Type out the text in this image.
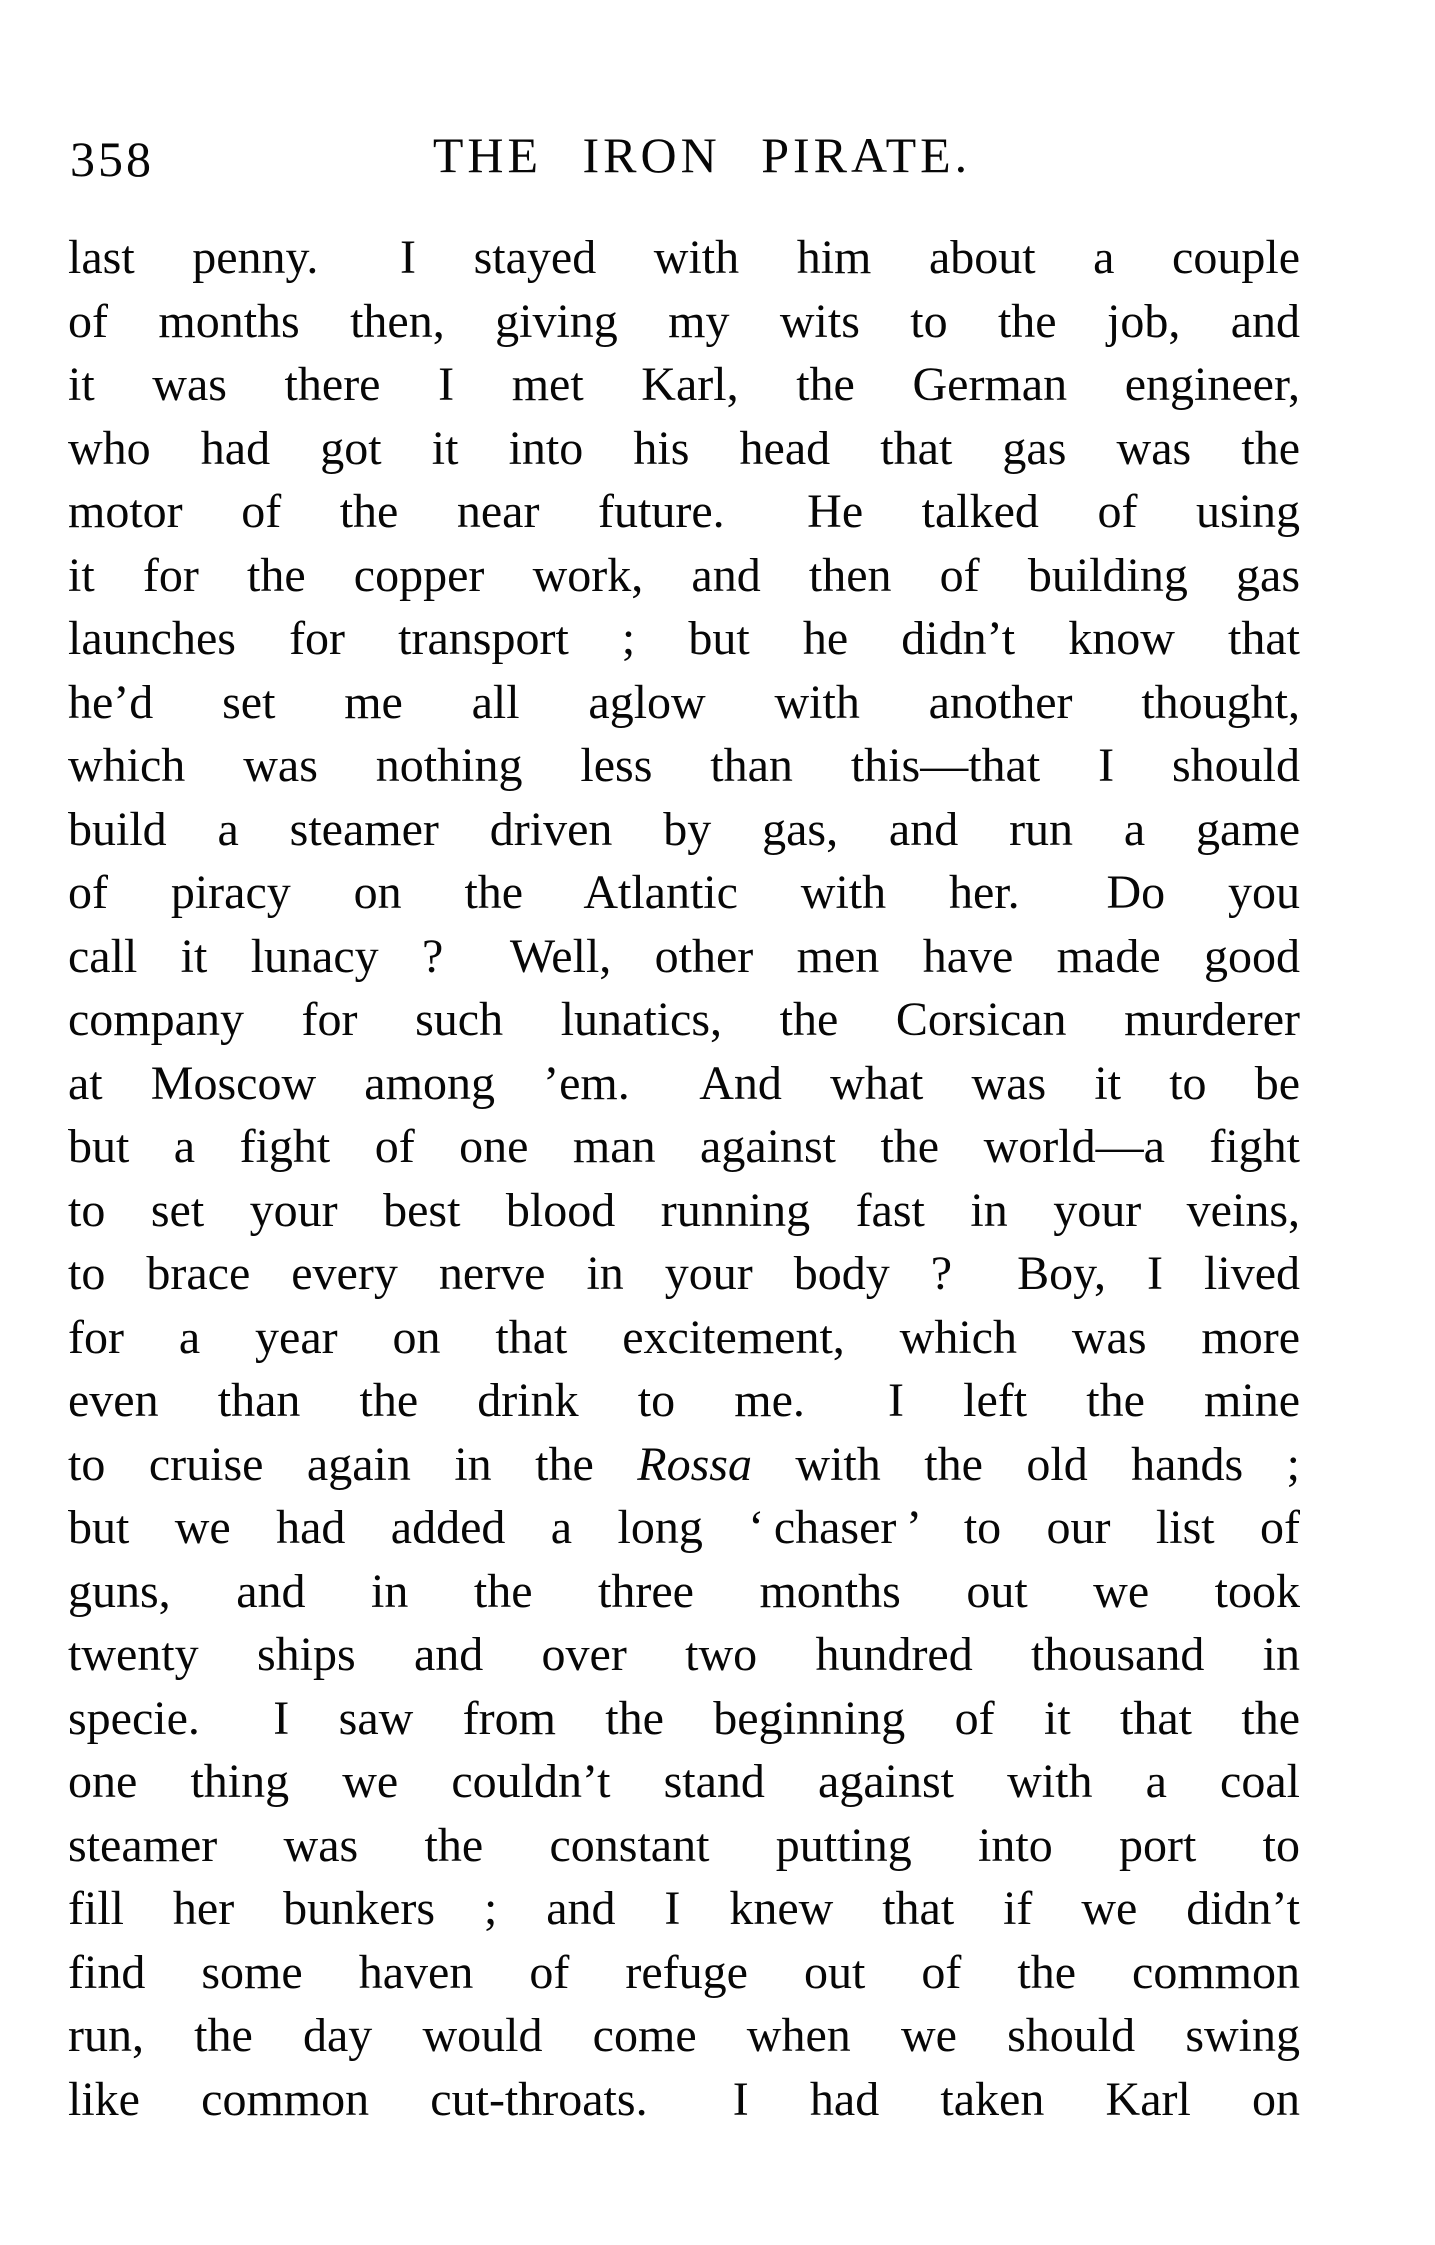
358	THE IRON PIRATE.
last penny.  I stayed with him about a couple
of months then, giving my wits to the job, and
it was there I met Karl, the German engineer,
who had got it into his head that gas was the
motor of the near future.  He talked of using
it for the copper work, and then of building gas
launches for transport ; but he didn’t know that
he’d set me all aglow with another thought,
which was nothing less than this—that I should
build a steamer driven by gas, and run a game
of piracy on the Atlantic with her.  Do you
call it lunacy ?  Well, other men have made good
company for such lunatics, the Corsican murderer
at Moscow among ’em.  And what was it to be
but a fight of one man against the world—a fight
to set your best blood running fast in your veins,
to brace every nerve in your body ?  Boy, I lived
for a year on that excitement, which was more
even than the drink to me.  I left the mine
to cruise again in the Rossa with the old hands ;
but we had added a long ‘ chaser ’ to our list of
guns, and in the three months out we took
twenty ships and over two hundred thousand in
specie.  I saw from the beginning of it that the
one thing we couldn’t stand against with a coal
steamer was the constant putting into port to
fill her bunkers ; and I knew that if we didn’t
find some haven of refuge out of the common
run, the day would come when we should swing
like common cut-throats.  I had taken Karl on
